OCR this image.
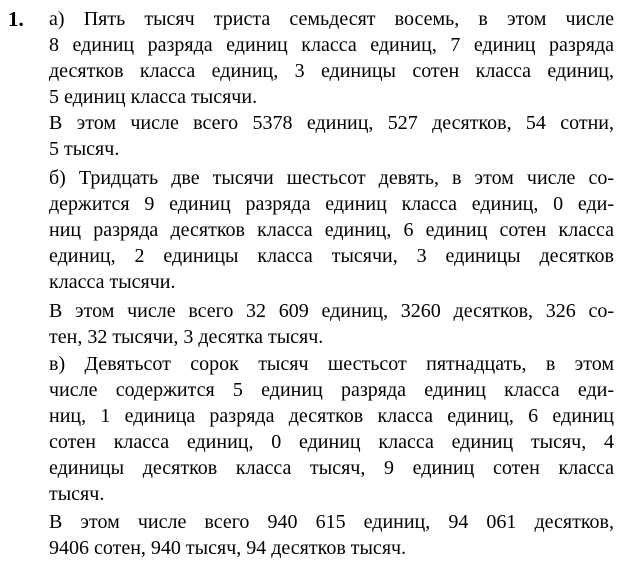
1. а) Пять тысяч триста семьдесят восемь, в этом числе
8 единиц разряда единиц класса единиц, 7 единиц разряда
десятков класса единиц, 3 единицы сотен класса единиц,
5 единиц класса тысячи.
В этом числе всего 5378 единиц, 527 десятков, 54 сотни,
5 тысяч.
б) Тридцать две тысячи шестьсот девять, в этом числе со-
держится 9 единиц разряда единиц класса единиц, 0 еди-
ниц разряда десятков класса единиц, 6 единиц сотен класса
единиц, 2 единицы класса тысячи, 3 единицы десятков
класса тысячи.
В этом числе всего 32 609 единиц, 3260 десятков, 326 со-
тен, 32 тысячи, 3 десятка тысяч.
в) Девятьсот сорок тысяч шестьсот пятнадцать, в этом
числе содержится 5 единиц разряда единиц класса еди-
ниц, 1 единица разряда десятков класса единиц, 6 единиц
сотен класса единиц, 0 единиц класса единиц тысяч, 4
единицы десятков класса тысяч, 9 единиц сотен класса
тысяч.
В этом числе всего 940 615 единиц, 94 061 десятков,
9406 сотен, 940 тысяч, 94 десятков тысяч.
